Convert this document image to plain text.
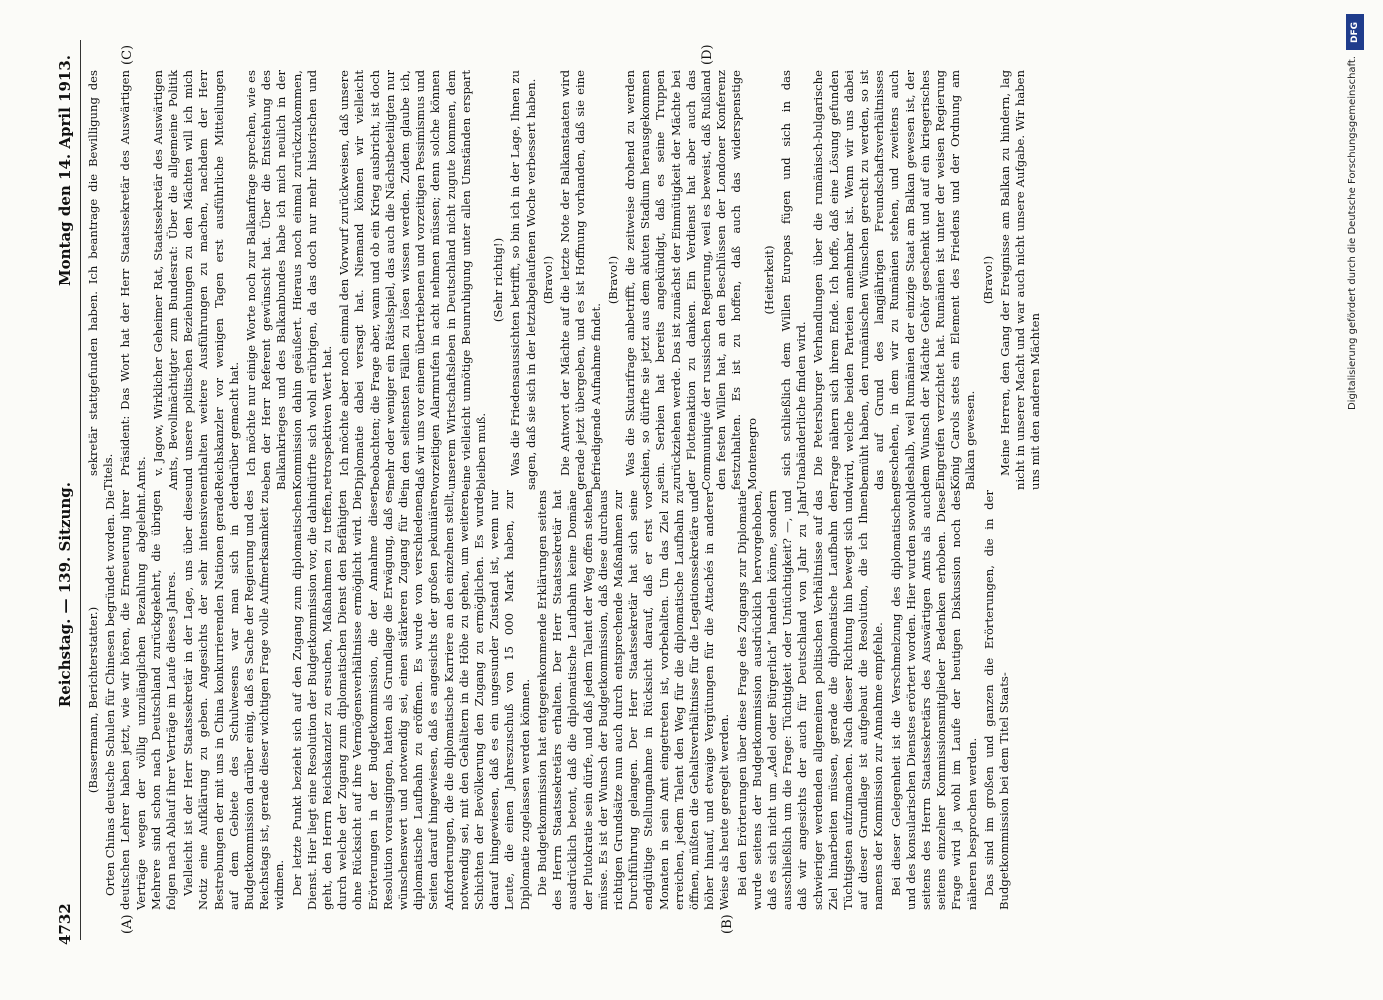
4732
Reichstag. — 139. Sitzung.
Montag den 14. April 1913.
(A)	(B)
(C)	(D)

(Bassermann, Berichterstatter.) Orten Chinas deutsche Schulen für Chinesen begründet worden. Die deutschen Lehrer haben jetzt, wie wir hören, die Erneuerung ihrer Verträge wegen der völlig unzulänglichen Bezahlung abgelehnt. Mehrere sind schon nach Deutschland zurückgekehrt, die übrigen folgen nach Ablauf ihrer Verträge im Laufe dieses Jahres. Vielleicht ist der Herr Staatssekretär in der Lage, uns über diese Notiz eine Aufklärung zu geben. Angesichts der sehr intensiven Bestrebungen der mit uns in China konkurrierenden Nationen gerade auf dem Gebiete des Schulwesens war man sich in der Budgetkommission darüber einig, daß es Sache der Regierung und des Reichstags ist, gerade dieser wichtigen Frage volle Aufmerksamkeit zu widmen. Der letzte Punkt bezieht sich auf den Zugang zum diplomatischen Dienst. Hier liegt eine Resolution der Budgetkommission vor, die dahin geht, den Herrn Reichskanzler zu ersuchen, Maßnahmen zu treffen, durch welche der Zugang zum diplomatischen Dienst den Befähigten ohne Rücksicht auf ihre Vermögensverhältnisse ermöglicht wird. Die Erörterungen in der Budgetkommission, die der Annahme dieser Resolution vorausgingen, hatten als Grundlage die Erwägung, daß es wünschenswert und notwendig sei, einen stärkeren Zugang für die diplomatische Laufbahn zu eröffnen. Es wurde von verschiedenen Seiten darauf hingewiesen, daß es angesichts der großen pekuniären Anforderungen, die die diplomatische Karriere an den einzelnen stellt, notwendig sei, mit den Gehältern in die Höhe zu gehen, um weiteren Schichten der Bevölkerung den Zugang zu ermöglichen. Es wurde darauf hingewiesen, daß es ein ungesunder Zustand ist, wenn nur Leute, die einen Jahreszuschuß von 15 000 Mark haben, zur Diplomatie zugelassen werden können. Die Budgetkommission hat entgegenkommende Erklärungen seitens des Herrn Staatssekretärs erhalten. Der Herr Staatssekretär hat ausdrücklich betont, daß die diplomatische Laufbahn keine Domäne der Plutokratie sein dürfe, und daß jedem Talent der Weg offen stehen müsse. Es ist der Wunsch der Budgetkommission, daß diese durchaus richtigen Grundsätze nun auch durch entsprechende Maßnahmen zur Durchführung gelangen. Der Herr Staatssekretär hat sich seine endgültige Stellungnahme in Rücksicht darauf, daß er erst vor Monaten in sein Amt eingetreten ist, vorbehalten. Um das Ziel zu erreichen, jedem Talent den Weg für die diplomatische Laufbahn zu öffnen, müßten die Gehaltsverhältnisse für die Legationssekretäre und höher hinauf, und etwaige Vergütungen für die Attachés in anderer Weise als heute geregelt werden. Bei den Erörterungen über diese Frage des Zugangs zur Diplomatie wurde seitens der Budgetkommission ausdrücklich hervorgehoben, daß es sich nicht um „Adel oder Bürgerlich“ handeln könne, sondern ausschließlich um die Frage: Tüchtigkeit oder Untüchtigkeit? —, und daß wir angesichts der auch für Deutschland von Jahr zu Jahr schwieriger werdenden allgemeinen politischen Verhältnisse auf das Ziel hinarbeiten müssen, gerade die diplomatische Laufbahn den Tüchtigsten aufzumachen. Nach dieser Richtung hin bewegt sich und auf dieser Grundlage ist aufgebaut die Resolution, die ich Ihnen namens der Kommission zur Annahme empfehle. Bei dieser Gelegenheit ist die Verschmelzung des diplomatischen und des konsularischen Dienstes erörtert worden. Hier wurden sowohl seitens des Herrn Staatssekretärs des Auswärtigen Amts als auch seitens einzelner Kommissionsmitglieder Bedenken erhoben. Diese Frage wird ja wohl im Laufe der heutigen Diskussion noch des näheren besprochen werden. Das sind im großen und ganzen die Erörterungen, die in der Budgetkommission bei dem Titel Staats-

sekretär stattgefunden haben. Ich beantrage die Bewilligung des Titels. Präsident: Das Wort hat der Herr Staatssekretär des Auswärtigen Amts. v. Jagow, Wirklicher Geheimer Rat, Staatssekretär des Auswärtigen Amts, Bevollmächtigter zum Bundesrat: Über die allgemeine Politik und unsere politischen Beziehungen zu den Mächten will ich mich enthalten weitere Ausführungen zu machen, nachdem der Herr Reichskanzler vor wenigen Tagen erst ausführliche Mitteilungen darüber gemacht hat. Ich möchte nur einige Worte noch zur Balkanfrage sprechen, wie es eben der Herr Referent gewünscht hat. Über die Entstehung des Balkankrieges und des Balkanbundes habe ich mich neulich in der Kommission dahin geäußert. Hieraus noch einmal zurückzukommen, dürfte sich wohl erübrigen, da das doch nur mehr historischen und retrospektiven Wert hat. Ich möchte aber noch einmal den Vorwurf zurückweisen, daß unsere Diplomatie dabei versagt hat. Niemand können wir vielleicht beobachten; die Frage aber, wann und ob ein Krieg ausbricht, ist doch mehr oder weniger ein Rätselspiel, das auch die Nächstbeteiligten nur in den seltensten Fällen zu lösen wissen werden. Zudem glaube ich, daß wir uns vor einem übertriebenen und vorzeitigen Pessimismus und vorzeitigen Alarmrufen in acht nehmen müssen; denn solche können unserem Wirtschaftsleben in Deutschland nicht zugute kommen, dem eine vielleicht unnötige Beunruhigung unter allen Umständen erspart bleiben muß.

(Sehr richtig!) Was die Friedensaussichten betrifft, so bin ich in der Lage, Ihnen zu sagen, daß sie sich in der letztabgelaufenen Woche verbessert haben. (Bravo!) Die Antwort der Mächte auf die letzte Note der Balkanstaaten wird gerade jetzt übergeben, und es ist Hoffnung vorhanden, daß sie eine befriedigende Aufnahme findet.

(Bravo!) Was die Skutarifrage anbetrifft, die zeitweise drohend zu werden schien, so dürfte sie jetzt aus dem akuten Stadium herausgekommen sein. Serbien hat bereits angekündigt, daß es seine Truppen zurückziehen werde. Das ist zunächst der Einmütigkeit der Mächte bei der Flottenaktion zu danken. Ein Verdienst hat aber auch das Communiqué der russischen Regierung, weil es beweist, daß Rußland den festen Willen hat, an den Beschlüssen der Londoner Konferenz festzuhalten. Es ist zu hoffen, daß auch das widerspenstige Montenegro

(Heiterkeit) sich schließlich dem Willen Europas fügen und sich in das Unabänderliche finden wird. Die Petersburger Verhandlungen über die rumänisch-bulgarische Frage nähern sich ihrem Ende. Ich hoffe, daß eine Lösung gefunden wird, welche beiden Parteien annehmbar ist. Wenn wir uns dabei bemüht haben, den rumänischen Wünschen gerecht zu werden, so ist das auf Grund des langjährigen Freundschaftsverhältnisses geschehen, in dem wir zu Rumänien stehen, und zweitens auch deshalb, weil Rumänien der einzige Staat am Balkan gewesen ist, der dem Wunsch der Mächte Gehör geschenkt und auf ein kriegerisches Eingreifen verzichtet hat. Rumänien ist unter der weisen Regierung König Carols stets ein Element des Friedens und der Ordnung am Balkan gewesen.

(Bravo!) Meine Herren, den Gang der Ereignisse am Balkan zu hindern, lag nicht in unserer Macht und war auch nicht unsere Aufgabe. Wir haben uns mit den anderen Mächten

DFG
Digitalisierung gefördert durch die Deutsche Forschungsgemeinschaft.
